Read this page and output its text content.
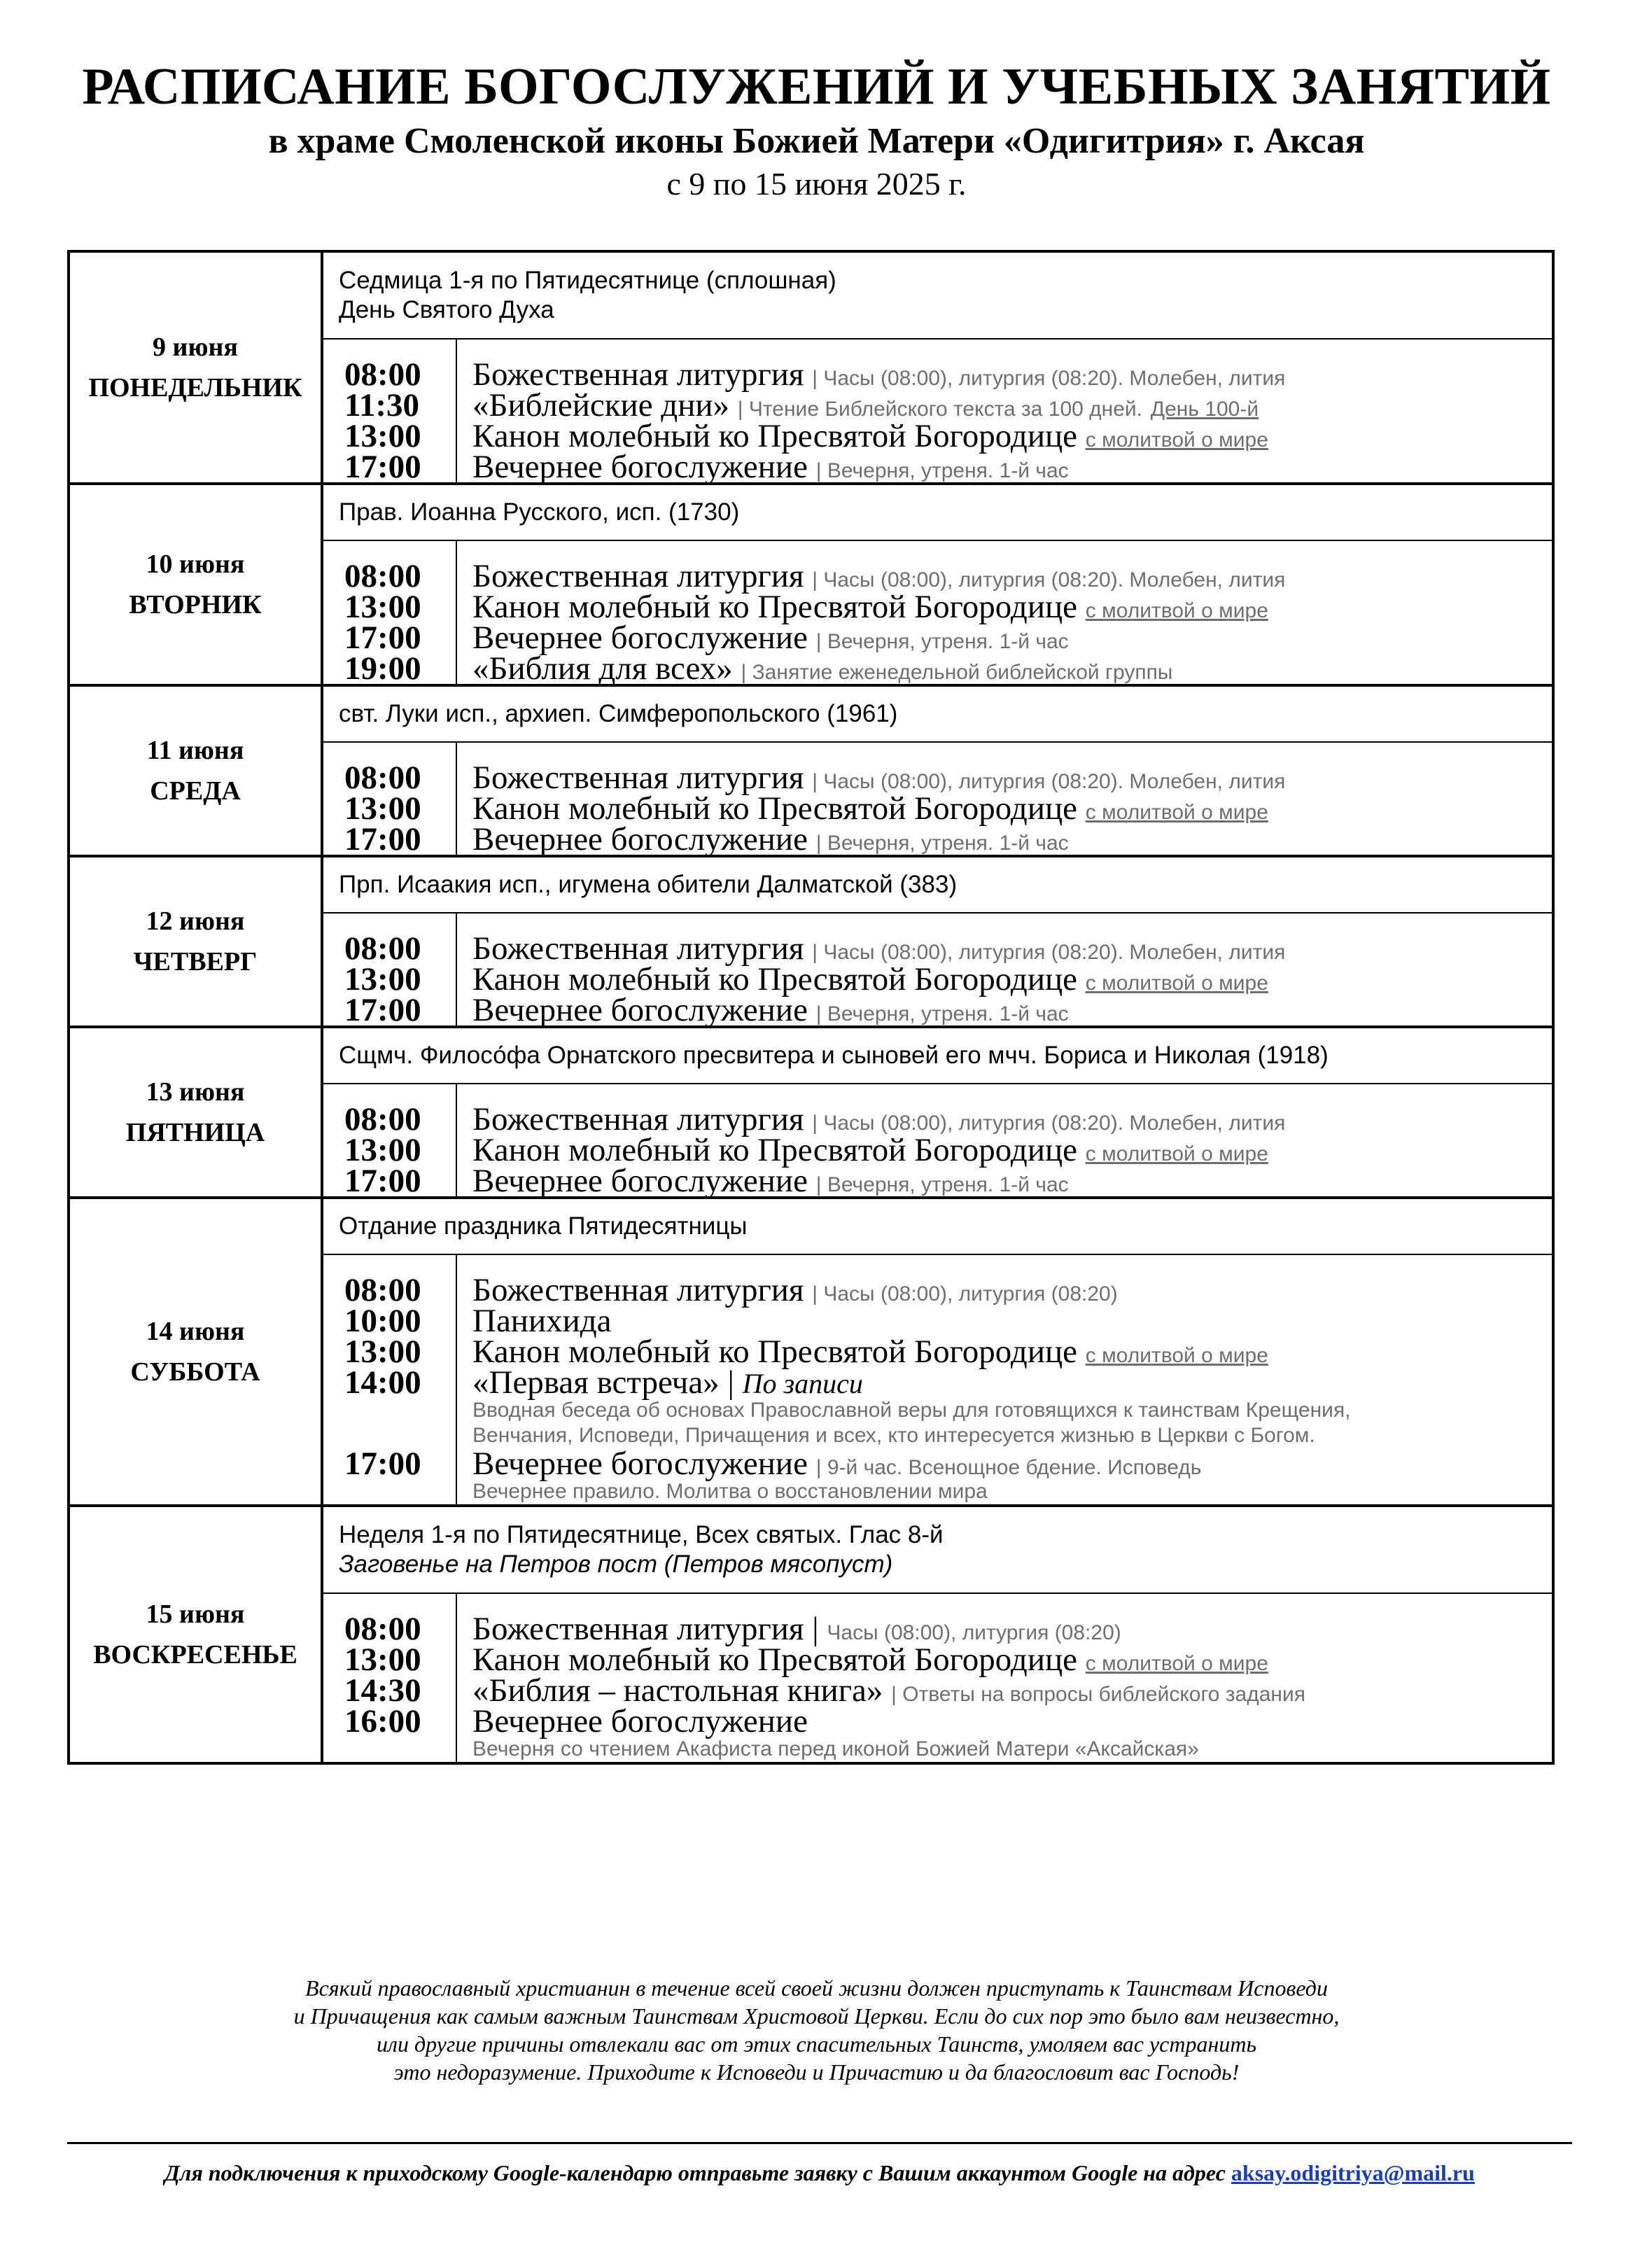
РАСПИСАНИЕ БОГОСЛУЖЕНИЙ И УЧЕБНЫХ ЗАНЯТИЙ
в храме Смоленской иконы Божией Матери «Одигитрия» г. Аксая
с 9 по 15 июня 2025 г.
9 июня
ПОНЕДЕЛЬНИК
Седмица 1-я по Пятидесятнице (сплошная)
День Святого Духа
08:00
11:30
13:00
17:00
Божественная литургия | Часы (08:00), литургия (08:20). Молебен, лития
«Библейские дни» | Чтение Библейского текста за 100 дней. День 100-й
Канон молебный ко Пресвятой Богородице с молитвой о мире
Вечернее богослужение | Вечерня, утреня. 1-й час
10 июня
ВТОРНИК
Прав. Иоанна Русского, исп. (1730)
08:00
13:00
17:00
19:00
Божественная литургия | Часы (08:00), литургия (08:20). Молебен, лития
Канон молебный ко Пресвятой Богородице с молитвой о мире
Вечернее богослужение | Вечерня, утреня. 1-й час
«Библия для всех» | Занятие еженедельной библейской группы
11 июня
СРЕДА
свт. Луки исп., архиеп. Симферопольского (1961)
08:00
13:00
17:00
Божественная литургия | Часы (08:00), литургия (08:20). Молебен, лития
Канон молебный ко Пресвятой Богородице с молитвой о мире
Вечернее богослужение | Вечерня, утреня. 1-й час
12 июня
ЧЕТВЕРГ
Прп. Исаакия исп., игумена обители Далматской (383)
08:00
13:00
17:00
Божественная литургия | Часы (08:00), литургия (08:20). Молебен, лития
Канон молебный ко Пресвятой Богородице с молитвой о мире
Вечернее богослужение | Вечерня, утреня. 1-й час
13 июня
ПЯТНИЦА
Сщмч. Филосо́фа Орнатского пресвитера и сыновей его мчч. Бориса и Николая (1918)
08:00
13:00
17:00
Божественная литургия | Часы (08:00), литургия (08:20). Молебен, лития
Канон молебный ко Пресвятой Богородице с молитвой о мире
Вечернее богослужение | Вечерня, утреня. 1-й час
14 июня
СУББОТА
Отдание праздника Пятидесятницы
08:00
10:00
13:00
14:00
17:00
Божественная литургия | Часы (08:00), литургия (08:20)
Панихида
Канон молебный ко Пресвятой Богородице с молитвой о мире
«Первая встреча» | По записи
Вводная беседа об основах Православной веры для готовящихся к таинствам Крещения,
Венчания, Исповеди, Причащения и всех, кто интересуется жизнью в Церкви с Богом.
Вечернее богослужение | 9-й час. Всенощное бдение. Исповедь
Вечернее правило. Молитва о восстановлении мира
15 июня
ВОСКРЕСЕНЬЕ
Неделя 1-я по Пятидесятнице, Всех святых. Глас 8-й
Заговенье на Петров пост (Петров мясопуст)
08:00
13:00
14:30
16:00
Божественная литургия | Часы (08:00), литургия (08:20)
Канон молебный ко Пресвятой Богородице с молитвой о мире
«Библия – настольная книга» | Ответы на вопросы библейского задания
Вечернее богослужение
Вечерня со чтением Акафиста перед иконой Божией Матери «Аксайская»
Всякий православный христианин в течение всей своей жизни должен приступать к Таинствам Исповеди
и Причащения как самым важным Таинствам Христовой Церкви. Если до сих пор это было вам неизвестно,
или другие причины отвлекали вас от этих спасительных Таинств, умоляем вас устранить
это недоразумение. Приходите к Исповеди и Причастию и да благословит вас Господь!
Для подключения к приходскому Google-календарю отправьте заявку с Вашим аккаунтом Google на адрес aksay.odigitriya@mail.ru
